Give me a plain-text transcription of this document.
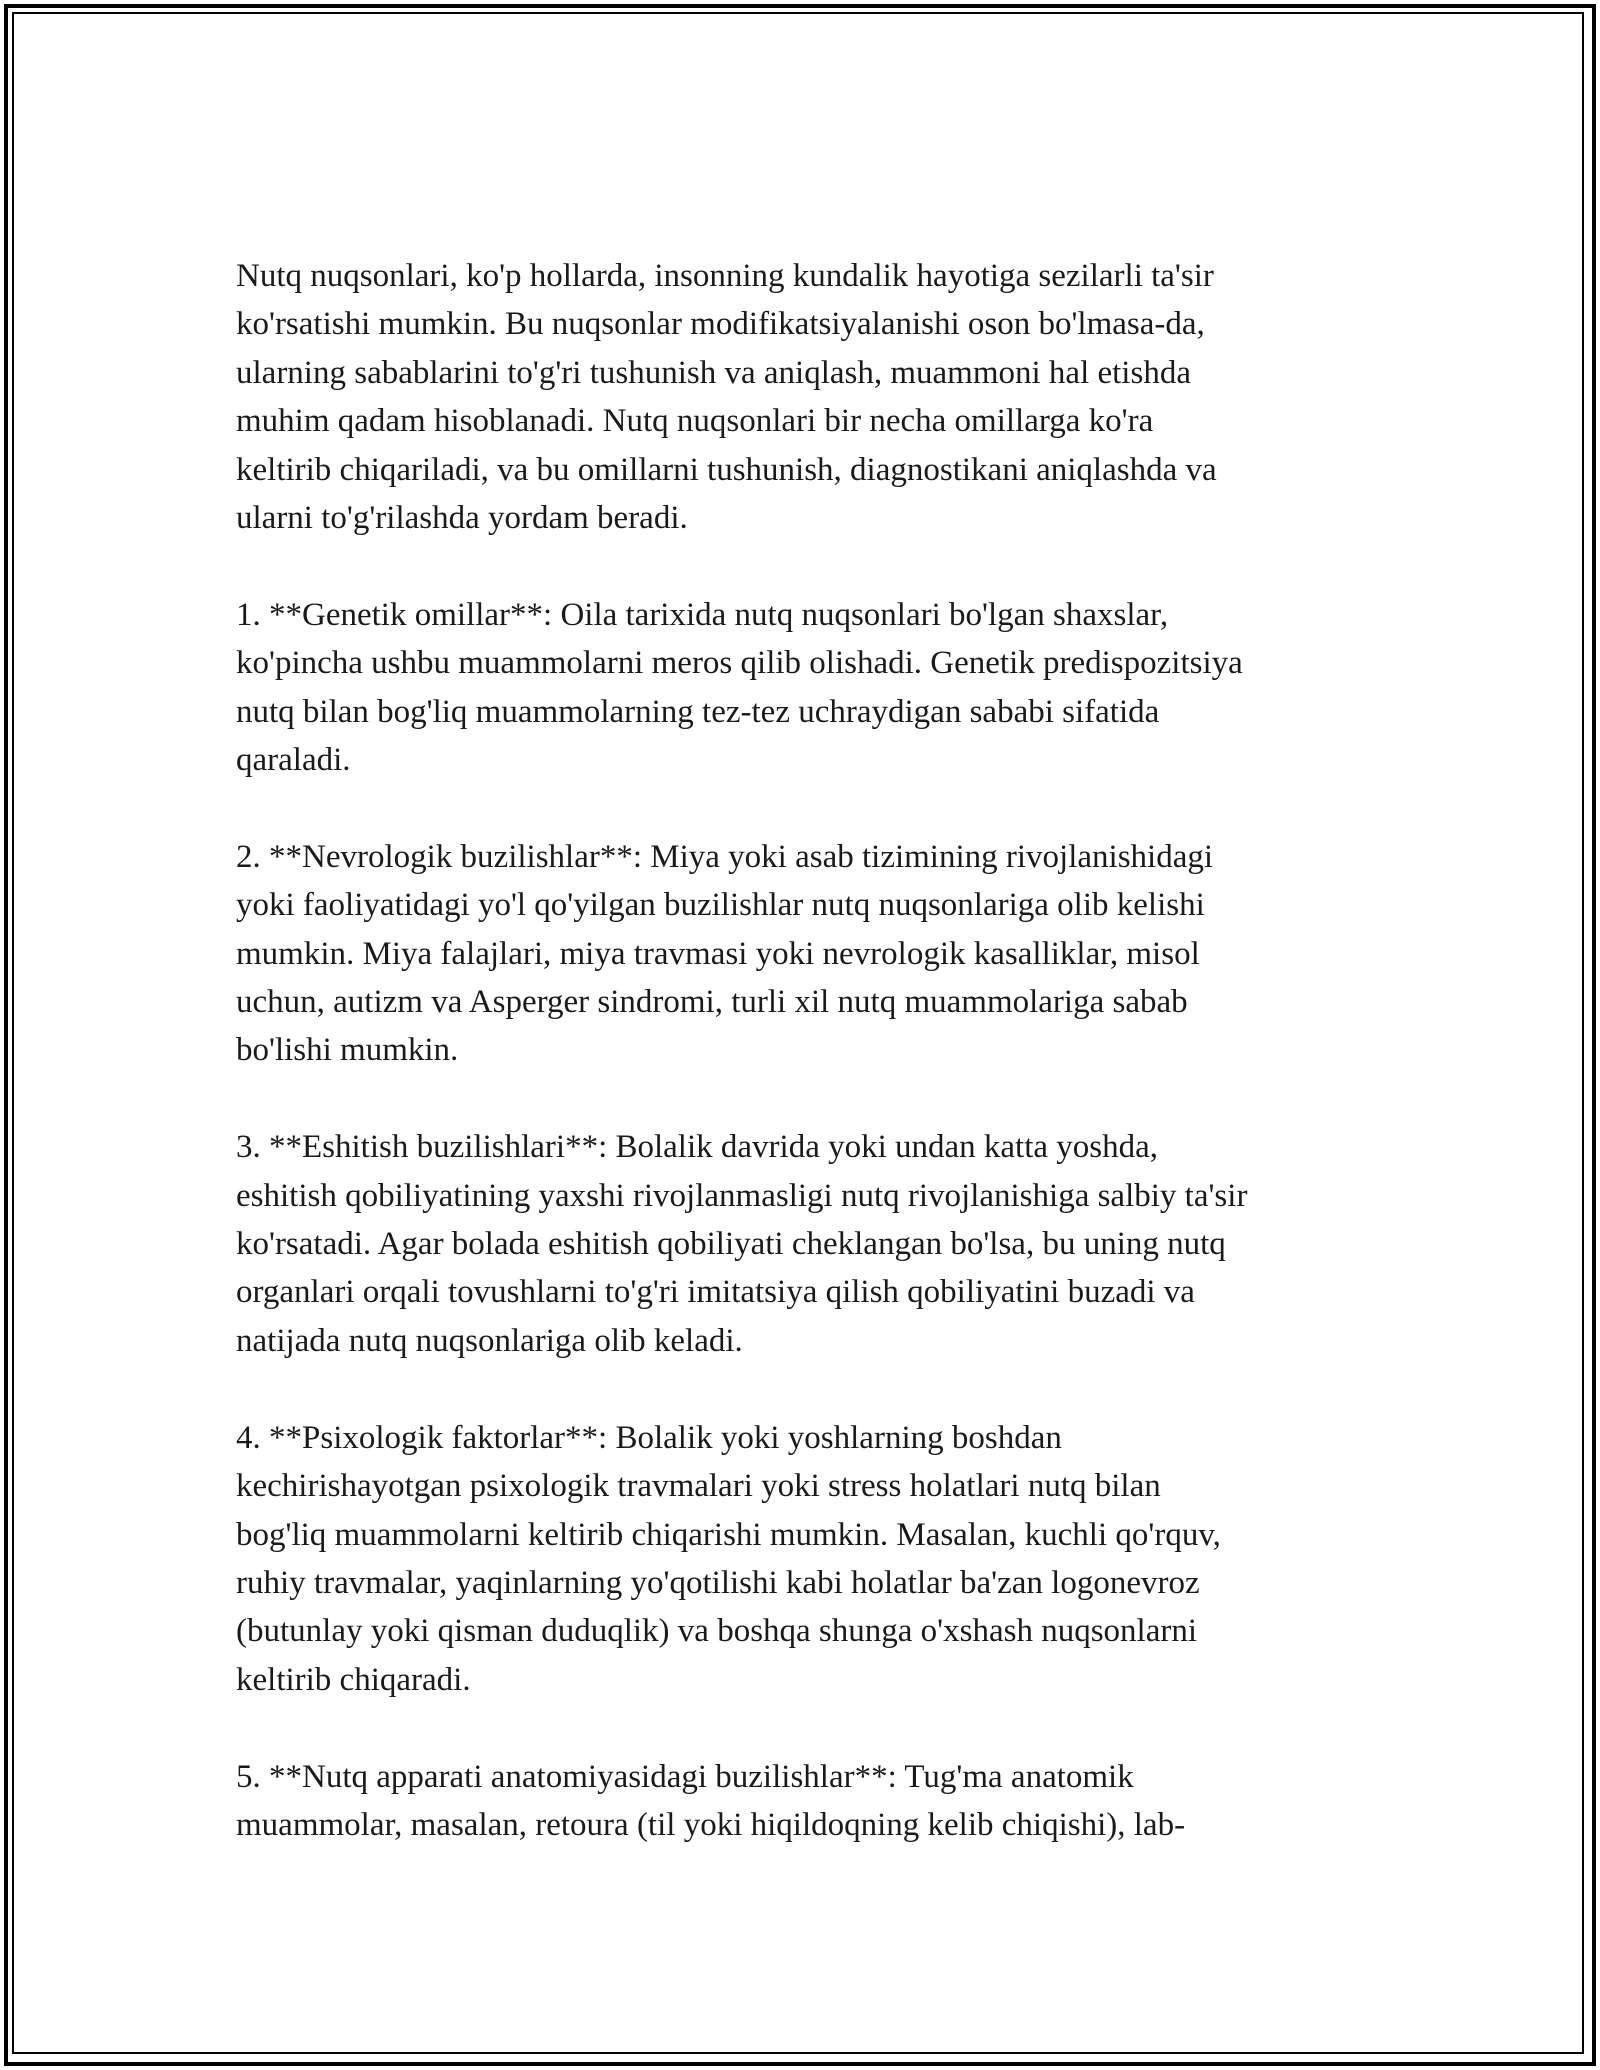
Nutq nuqsonlari, ko'p hollarda, insonning kundalik hayotiga sezilarli ta'sir
ko'rsatishi mumkin. Bu nuqsonlar modifikatsiyalanishi oson bo'lmasa-da,
ularning sabablarini to'g'ri tushunish va aniqlash, muammoni hal etishda
muhim qadam hisoblanadi. Nutq nuqsonlari bir necha omillarga ko'ra
keltirib chiqariladi, va bu omillarni tushunish, diagnostikani aniqlashda va
ularni to'g'rilashda yordam beradi.
1. **Genetik omillar**: Oila tarixida nutq nuqsonlari bo'lgan shaxslar,
ko'pincha ushbu muammolarni meros qilib olishadi. Genetik predispozitsiya
nutq bilan bog'liq muammolarning tez-tez uchraydigan sababi sifatida
qaraladi.
2. **Nevrologik buzilishlar**: Miya yoki asab tizimining rivojlanishidagi
yoki faoliyatidagi yo'l qo'yilgan buzilishlar nutq nuqsonlariga olib kelishi
mumkin. Miya falajlari, miya travmasi yoki nevrologik kasalliklar, misol
uchun, autizm va Asperger sindromi, turli xil nutq muammolariga sabab
bo'lishi mumkin.
3. **Eshitish buzilishlari**: Bolalik davrida yoki undan katta yoshda,
eshitish qobiliyatining yaxshi rivojlanmasligi nutq rivojlanishiga salbiy ta'sir
ko'rsatadi. Agar bolada eshitish qobiliyati cheklangan bo'lsa, bu uning nutq
organlari orqali tovushlarni to'g'ri imitatsiya qilish qobiliyatini buzadi va
natijada nutq nuqsonlariga olib keladi.
4. **Psixologik faktorlar**: Bolalik yoki yoshlarning boshdan
kechirishayotgan psixologik travmalari yoki stress holatlari nutq bilan
bog'liq muammolarni keltirib chiqarishi mumkin. Masalan, kuchli qo'rquv,
ruhiy travmalar, yaqinlarning yo'qotilishi kabi holatlar ba'zan logonevroz
(butunlay yoki qisman duduqlik) va boshqa shunga o'xshash nuqsonlarni
keltirib chiqaradi.
5. **Nutq apparati anatomiyasidagi buzilishlar**: Tug'ma anatomik
muammolar, masalan, retoura (til yoki hiqildoqning kelib chiqishi), lab-
